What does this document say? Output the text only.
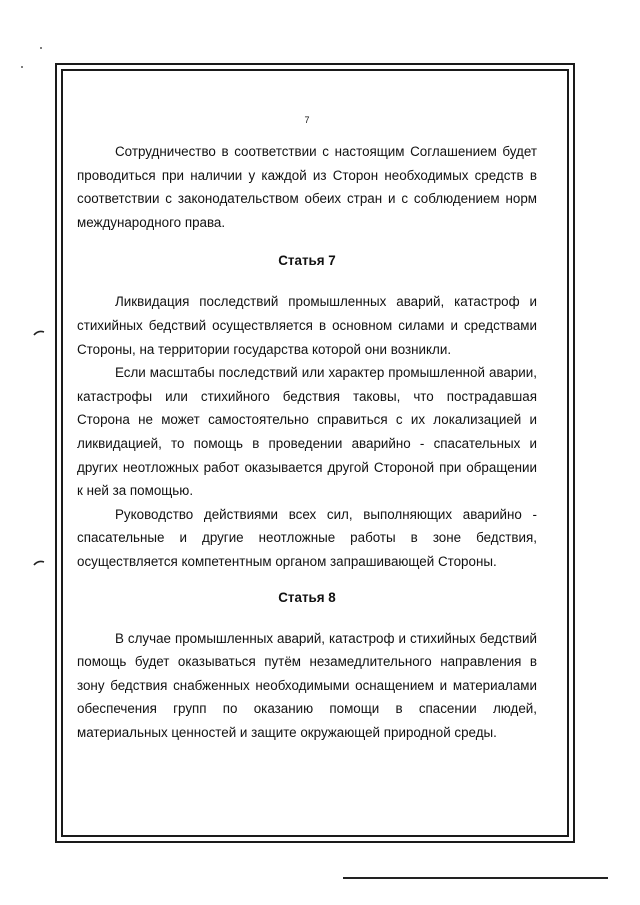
7

Сотрудничество в соответствии с настоящим Соглашением будет проводиться при наличии у каждой из Сторон необходимых средств в соответствии с законодательством обеих стран и с соблюдением норм международного права.

Статья 7

Ликвидация последствий промышленных аварий, катастроф и стихийных бедствий осуществляется в основном силами и средствами Стороны, на территории государства которой они возникли.

Если масштабы последствий или характер промышленной аварии, катастрофы или стихийного бедствия таковы, что пострадавшая Сторона не может самостоятельно справиться с их локализацией и ликвидацией, то помощь в проведении аварийно - спасательных и других неотложных работ оказывается другой Стороной при обращении к ней за помощью.

Руководство действиями всех сил, выполняющих аварийно - спасательные и другие неотложные работы в зоне бедствия, осуществляется компетентным органом запрашивающей Стороны.

Статья 8

В случае промышленных аварий, катастроф и стихийных бедствий помощь будет оказываться путём незамедлительного направления в зону бедствия снабженных необходимыми оснащением и материалами обеспечения групп по оказанию помощи в спасении людей, материальных ценностей и защите окружающей природной среды.
